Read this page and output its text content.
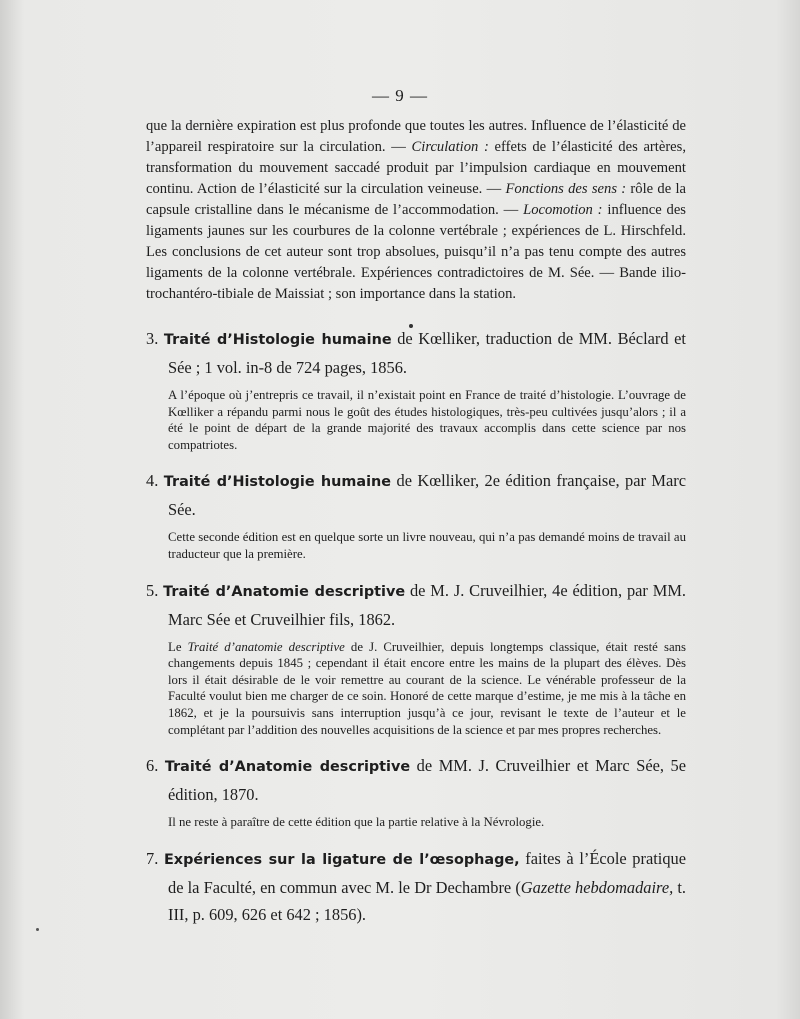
— 9 —

que la dernière expiration est plus profonde que toutes les autres. Influence de l’élasticité de l’appareil respiratoire sur la circulation. — Circulation : effets de l’élasticité des artères, transformation du mouvement saccadé produit par l’impulsion cardiaque en mouvement continu. Action de l’élasticité sur la circulation veineuse. — Fonctions des sens : rôle de la capsule cristalline dans le mécanisme de l’accommodation. — Locomotion : influence des ligaments jaunes sur les courbures de la colonne vertébrale ; expériences de L. Hirschfeld. Les conclusions de cet auteur sont trop absolues, puisqu’il n’a pas tenu compte des autres ligaments de la colonne vertébrale. Expériences contradictoires de M. Sée. — Bande ilio-trochantéro-tibiale de Maissiat ; son importance dans la station.

3. Traité d’Histologie humaine de Kœlliker, traduction de MM. Béclard et Sée ; 1 vol. in-8 de 724 pages, 1856.

A l’époque où j’entrepris ce travail, il n’existait point en France de traité d’histologie. L’ouvrage de Kœlliker a répandu parmi nous le goût des études histologiques, très-peu cultivées jusqu’alors ; il a été le point de départ de la grande majorité des travaux accomplis dans cette science par nos compatriotes.

4. Traité d’Histologie humaine de Kœlliker, 2e édition française, par Marc Sée.

Cette seconde édition est en quelque sorte un livre nouveau, qui n’a pas demandé moins de travail au traducteur que la première.

5. Traité d’Anatomie descriptive de M. J. Cruveilhier, 4e édition, par MM. Marc Sée et Cruveilhier fils, 1862.

Le Traité d’anatomie descriptive de J. Cruveilhier, depuis longtemps classique, était resté sans changements depuis 1845 ; cependant il était encore entre les mains de la plupart des élèves. Dès lors il était désirable de le voir remettre au courant de la science. Le vénérable professeur de la Faculté voulut bien me charger de ce soin. Honoré de cette marque d’estime, je me mis à la tâche en 1862, et je la poursuivis sans interruption jusqu’à ce jour, revisant le texte de l’auteur et le complétant par l’addition des nouvelles acquisitions de la science et par mes propres recherches.

6. Traité d’Anatomie descriptive de MM. J. Cruveilhier et Marc Sée, 5e édition, 1870.

Il ne reste à paraître de cette édition que la partie relative à la Névrologie.

7. Expériences sur la ligature de l’œsophage, faites à l’École pratique de la Faculté, en commun avec M. le Dr Dechambre (Gazette hebdomadaire, t. III, p. 609, 626 et 642 ; 1856).
